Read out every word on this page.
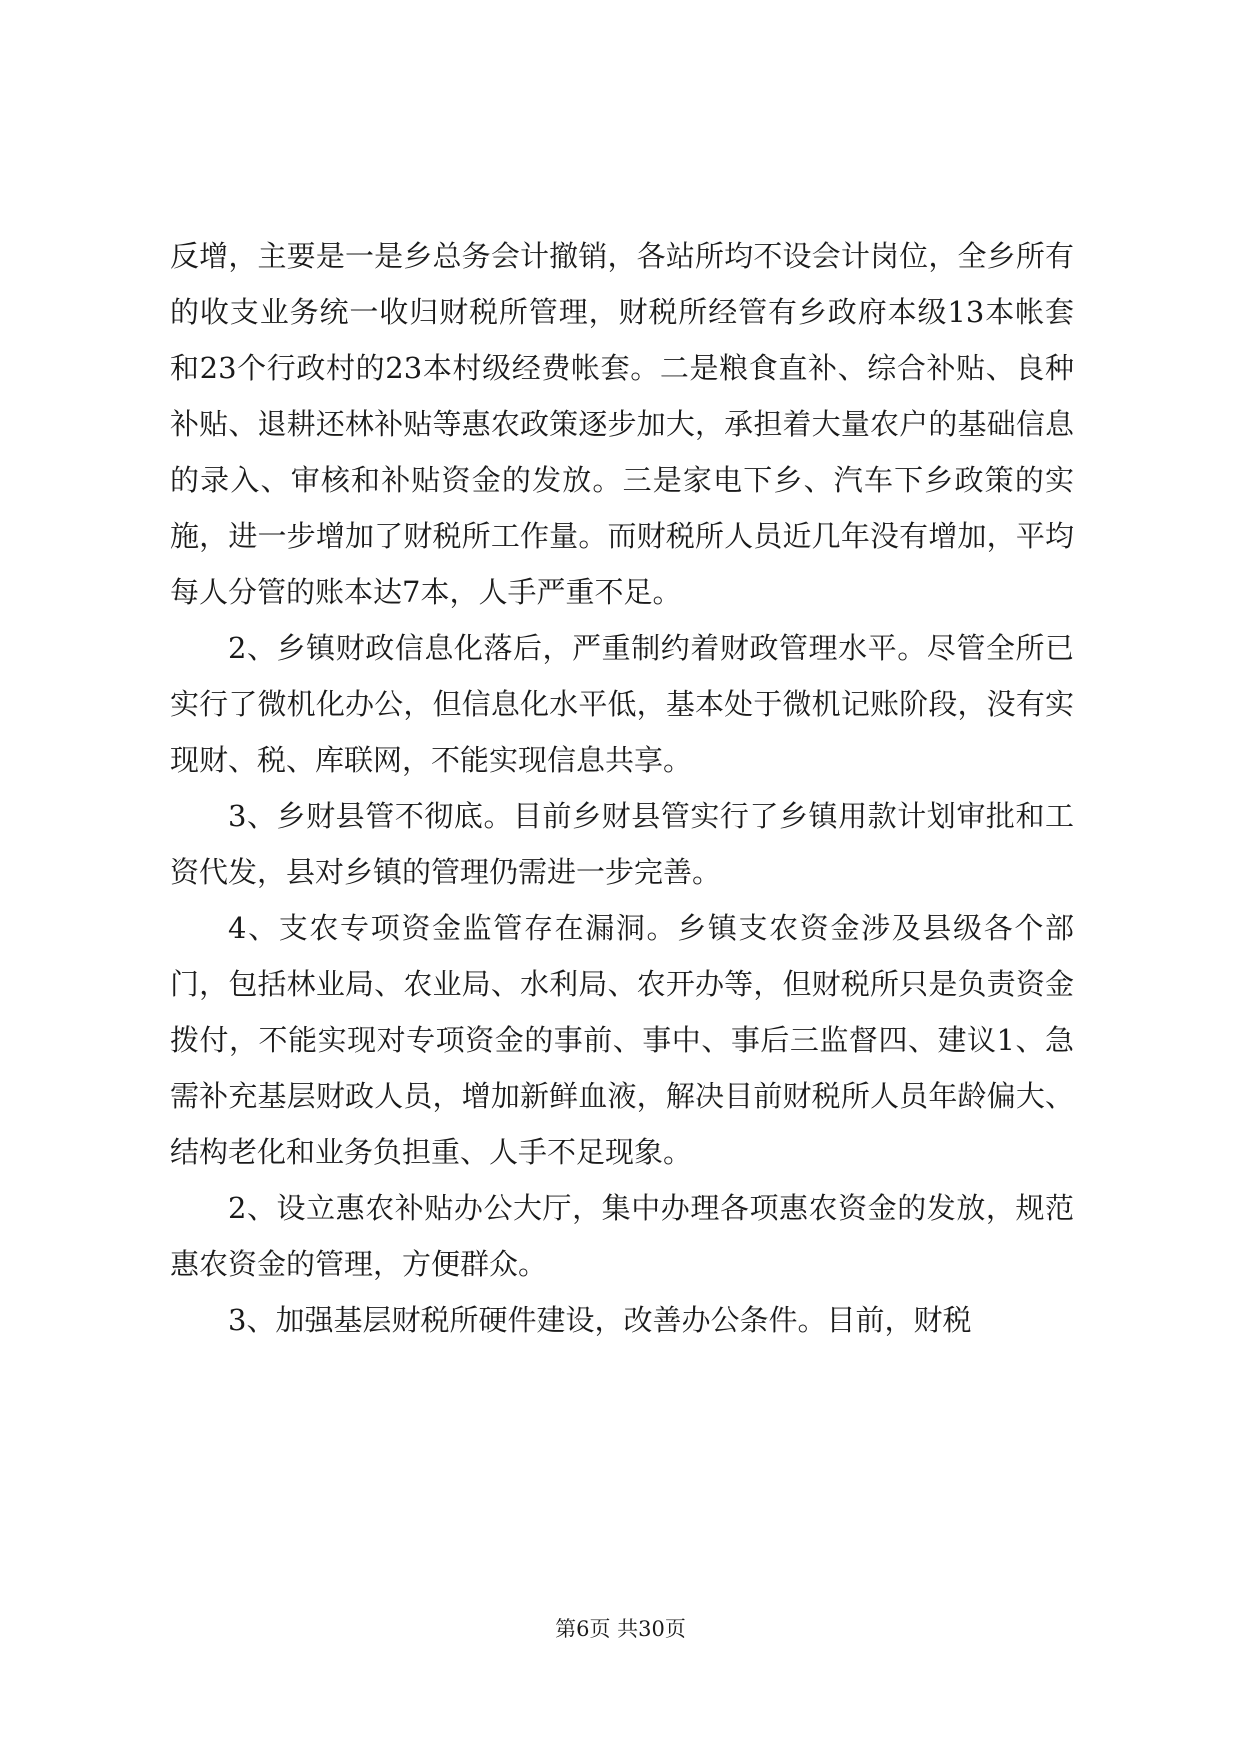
反增，主要是一是乡总务会计撤销，各站所均不设会计岗位，全乡所有的收支业务统一收归财税所管理，财税所经管有乡政府本级13本帐套和23个行政村的23本村级经费帐套。二是粮食直补、综合补贴、良种补贴、退耕还林补贴等惠农政策逐步加大，承担着大量农户的基础信息的录入、审核和补贴资金的发放。三是家电下乡、汽车下乡政策的实施，进一步增加了财税所工作量。而财税所人员近几年没有增加，平均每人分管的账本达7本，人手严重不足。

2、乡镇财政信息化落后，严重制约着财政管理水平。尽管全所已实行了微机化办公，但信息化水平低，基本处于微机记账阶段，没有实现财、税、库联网，不能实现信息共享。

3、乡财县管不彻底。目前乡财县管实行了乡镇用款计划审批和工资代发，县对乡镇的管理仍需进一步完善。

4、支农专项资金监管存在漏洞。乡镇支农资金涉及县级各个部门，包括林业局、农业局、水利局、农开办等，但财税所只是负责资金拨付，不能实现对专项资金的事前、事中、事后三监督四、建议1、急需补充基层财政人员，增加新鲜血液，解决目前财税所人员年龄偏大、结构老化和业务负担重、人手不足现象。

2、设立惠农补贴办公大厅，集中办理各项惠农资金的发放，规范惠农资金的管理，方便群众。

3、加强基层财税所硬件建设，改善办公条件。目前，财税

第6页 共30页
